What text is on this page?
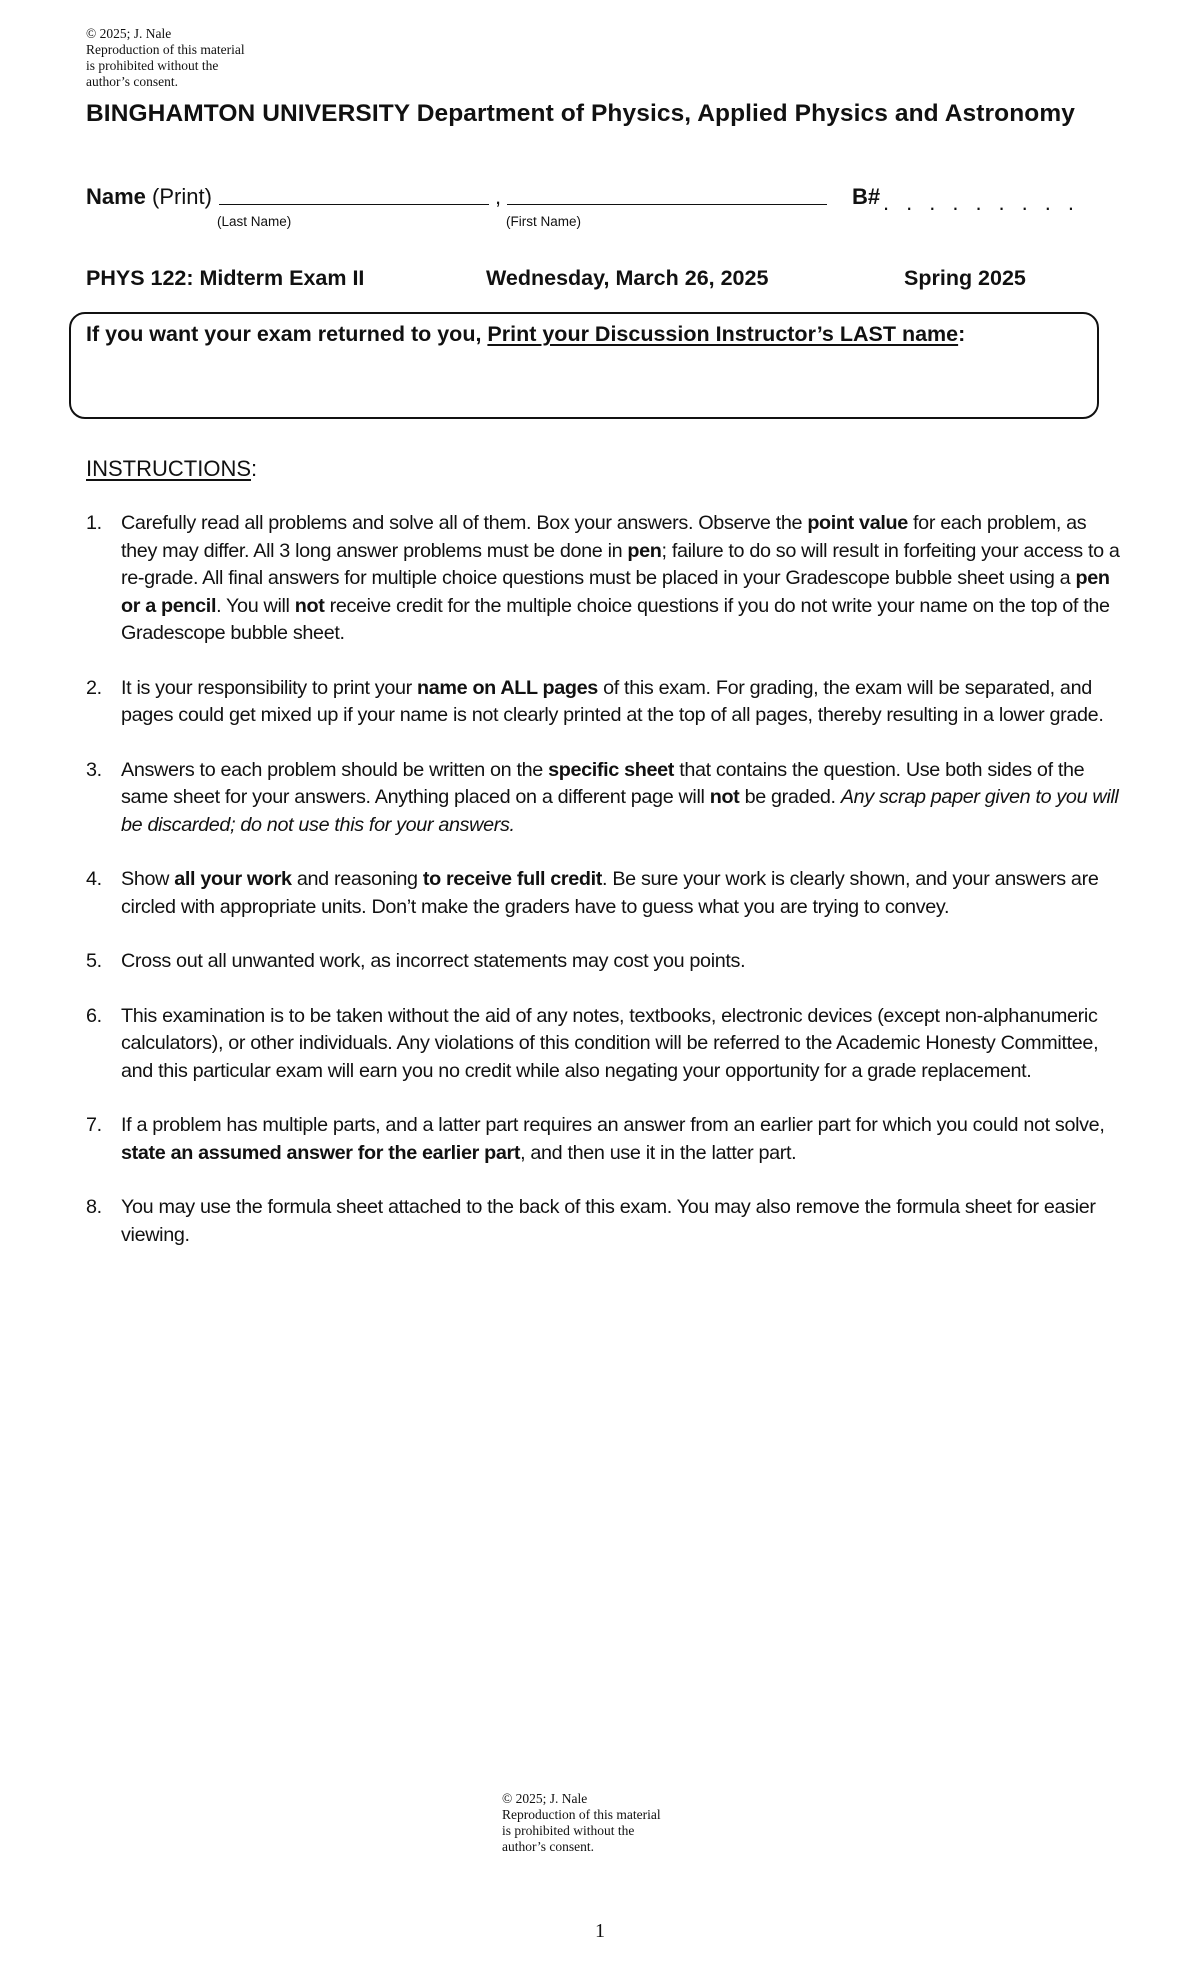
© 2025; J. Nale
Reproduction of this material
is prohibited without the
author’s consent.
BINGHAMTON UNIVERSITY Department of Physics, Applied Physics and Astronomy
Name (Print)	,
(Last Name)	(First Name)
B# .........
PHYS 122: Midterm Exam II	Wednesday, March 26, 2025	Spring 2025
If you want your exam returned to you, Print your Discussion Instructor’s LAST name:
INSTRUCTIONS:
1. Carefully read all problems and solve all of them. Box your answers. Observe the point value for each problem, as they may differ. All 3 long answer problems must be done in pen; failure to do so will result in forfeiting your access to a re-grade. All final answers for multiple choice questions must be placed in your Gradescope bubble sheet using a pen or a pencil. You will not receive credit for the multiple choice questions if you do not write your name on the top of the Gradescope bubble sheet.
2. It is your responsibility to print your name on ALL pages of this exam. For grading, the exam will be separated, and pages could get mixed up if your name is not clearly printed at the top of all pages, thereby resulting in a lower grade.
3. Answers to each problem should be written on the specific sheet that contains the question. Use both sides of the same sheet for your answers. Anything placed on a different page will not be graded. Any scrap paper given to you will be discarded; do not use this for your answers.
4. Show all your work and reasoning to receive full credit. Be sure your work is clearly shown, and your answers are circled with appropriate units. Don’t make the graders have to guess what you are trying to convey.
5. Cross out all unwanted work, as incorrect statements may cost you points.
6. This examination is to be taken without the aid of any notes, textbooks, electronic devices (except non-alphanumeric calculators), or other individuals. Any violations of this condition will be referred to the Academic Honesty Committee, and this particular exam will earn you no credit while also negating your opportunity for a grade replacement.
7. If a problem has multiple parts, and a latter part requires an answer from an earlier part for which you could not solve, state an assumed answer for the earlier part, and then use it in the latter part.
8. You may use the formula sheet attached to the back of this exam. You may also remove the formula sheet for easier viewing.
© 2025; J. Nale
Reproduction of this material
is prohibited without the
author’s consent.
1
